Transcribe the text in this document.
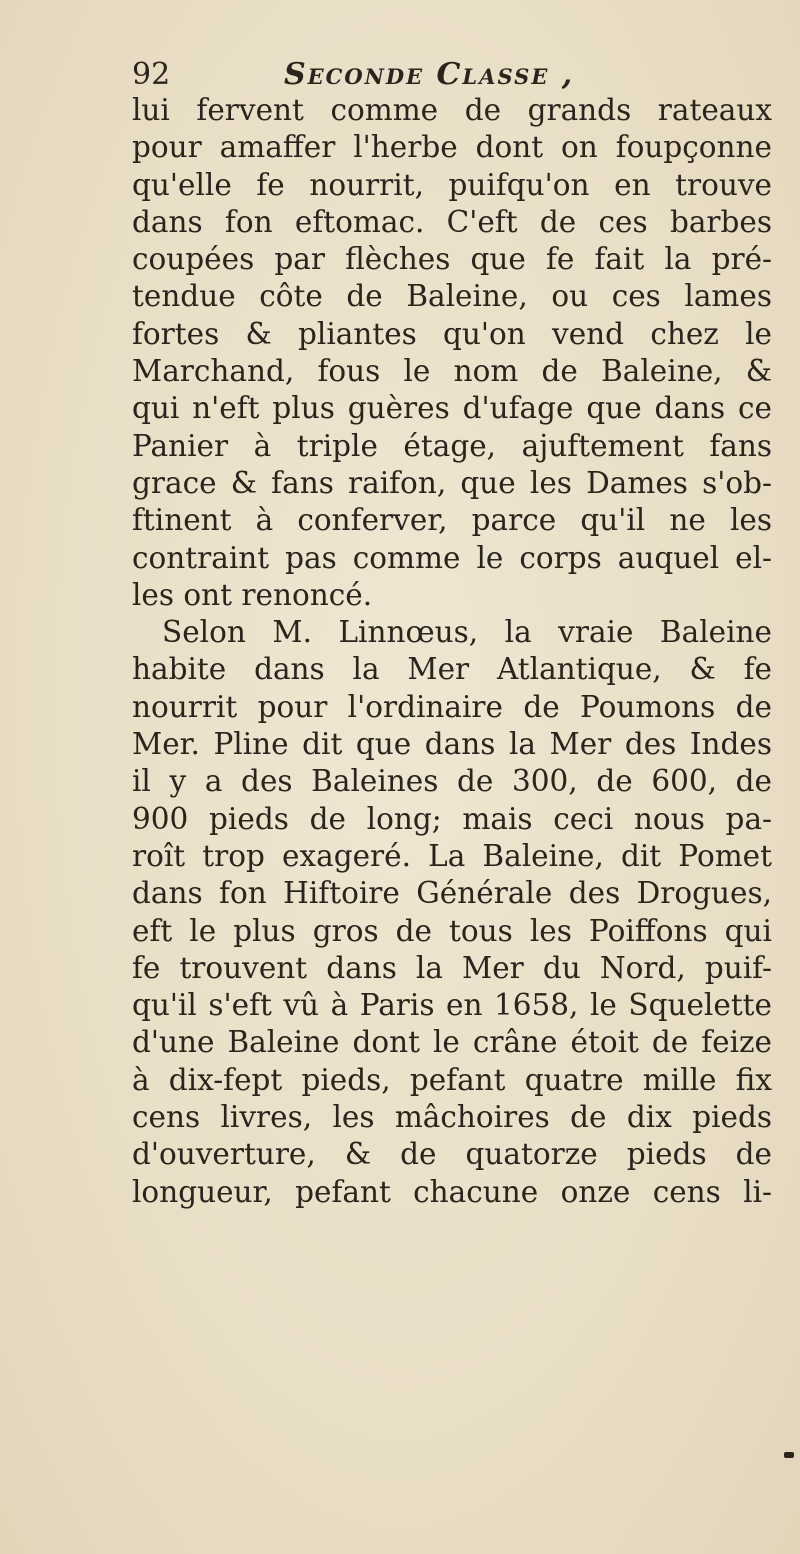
92	Seconde Classe ,
lui fervent comme de grands rateaux
pour amaffer l'herbe dont on foupçonne
qu'elle fe nourrit, puifqu'on en trouve
dans fon eftomac. C'eft de ces barbes
coupées par flèches que fe fait la pré-
tendue côte de Baleine, ou ces lames
fortes & pliantes qu'on vend chez le
Marchand, fous le nom de Baleine, &
qui n'eft plus guères d'ufage que dans ce
Panier à triple étage, ajuftement fans
grace & fans raifon, que les Dames s'ob-
ftinent à conferver, parce qu'il ne les
contraint pas comme le corps auquel el-
les ont renoncé.
Selon M. Linnœus, la vraie Baleine
habite dans la Mer Atlantique, & fe
nourrit pour l'ordinaire de Poumons de
Mer. Pline dit que dans la Mer des Indes
il y a des Baleines de 300, de 600, de
900 pieds de long; mais ceci nous pa-
roît trop exageré. La Baleine, dit Pomet
dans fon Hiftoire Générale des Drogues,
eft le plus gros de tous les Poiffons qui
fe trouvent dans la Mer du Nord, puif-
qu'il s'eft vû à Paris en 1658, le Squelette
d'une Baleine dont le crâne étoit de feize
à dix-fept pieds, pefant quatre mille fix
cens livres, les mâchoires de dix pieds
d'ouverture, & de quatorze pieds de
longueur, pefant chacune onze cens li-
